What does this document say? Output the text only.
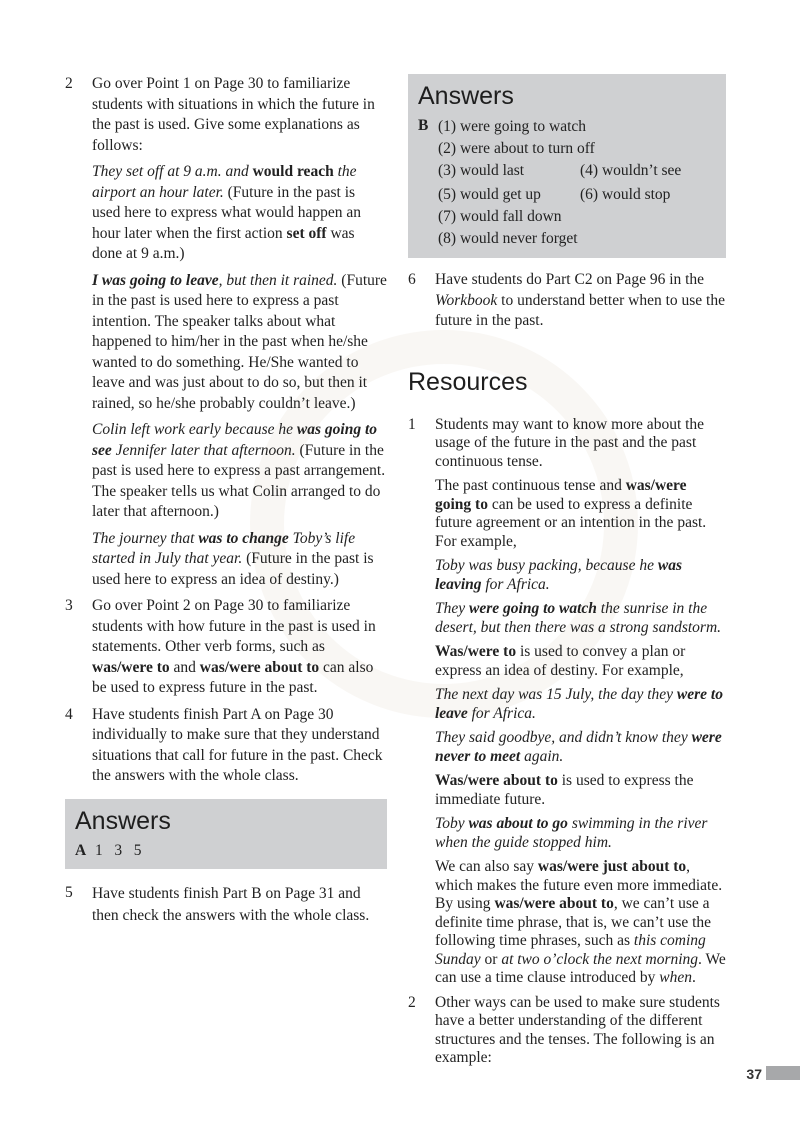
2 Go over Point 1 on Page 30 to familiarize students with situations in which the future in the past is used. Give some explanations as follows:

They set off at 9 a.m. and would reach the airport an hour later. (Future in the past is used here to express what would happen an hour later when the first action set off was done at 9 a.m.)

I was going to leave, but then it rained. (Future in the past is used here to express a past intention. The speaker talks about what happened to him/her in the past when he/she wanted to do something. He/She wanted to leave and was just about to do so, but then it rained, so he/she probably couldn’t leave.)

Colin left work early because he was going to see Jennifer later that afternoon. (Future in the past is used here to express a past arrangement. The speaker tells us what Colin arranged to do later that afternoon.)

The journey that was to change Toby’s life started in July that year. (Future in the past is used here to express an idea of destiny.)

3 Go over Point 2 on Page 30 to familiarize students with how future in the past is used in statements. Other verb forms, such as was/were to and was/were about to can also be used to express future in the past.

4 Have students finish Part A on Page 30 individually to make sure that they understand situations that call for future in the past. Check the answers with the whole class.

Answers
A 1   3   5
5 Have students finish Part B on Page 31 and then check the answers with the whole class.

Answers
B (1) were going to watch
(2) were about to turn off
(3) would last	(4) wouldn’t see
(5) would get up	(6) would stop
(7) would fall down
(8) would never forget
6 Have students do Part C2 on Page 96 in the Workbook to understand better when to use the future in the past.

Resources
1 Students may want to know more about the usage of the future in the past and the past continuous tense.

The past continuous tense and was/were going to can be used to express a definite future agreement or an intention in the past. For example,

Toby was busy packing, because he was leaving for Africa.

They were going to watch the sunrise in the desert, but then there was a strong sandstorm.

Was/were to is used to convey a plan or express an idea of destiny. For example,

The next day was 15 July, the day they were to leave for Africa.

They said goodbye, and didn’t know they were never to meet again.

Was/were about to is used to express the immediate future.

Toby was about to go swimming in the river when the guide stopped him.

We can also say was/were just about to, which makes the future even more immediate. By using was/were about to, we can’t use a definite time phrase, that is, we can’t use the following time phrases, such as this coming Sunday or at two o’clock the next morning. We can use a time clause introduced by when.

2 Other ways can be used to make sure students have a better understanding of the different structures and the tenses. The following is an example:

37
